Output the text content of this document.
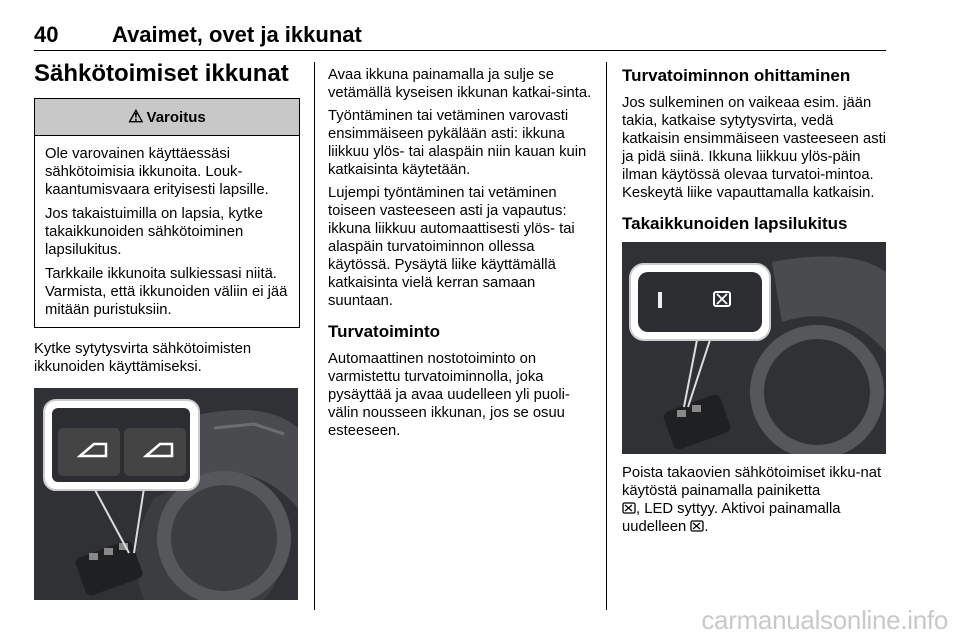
40 Avaimet, ovet ja ikkunat
Sähkötoimiset ikkunat
⚠ Varoitus

Ole varovainen käyttäessäsi sähkötoimisia ikkunoita. Louk-kaantumisvaara erityisesti lapsille.

Jos takaistuimilla on lapsia, kytke takaikkunoiden sähkötoiminen lapsilukitus.

Tarkkaile ikkunoita sulkiessasi niitä. Varmista, että ikkunoiden väliin ei jää mitään puristuksiin.

Kytke sytytysvirta sähkötoimisten ikkunoiden käyttämiseksi.

Avaa ikkuna painamalla ja sulje se vetämällä kyseisen ikkunan katkai-sinta.

Työntäminen tai vetäminen varovasti ensimmäiseen pykälään asti: ikkuna liikkuu ylös- tai alaspäin niin kauan kuin katkaisinta käytetään.

Lujempi työntäminen tai vetäminen toiseen vasteeseen asti ja vapautus: ikkuna liikkuu automaattisesti ylös- tai alaspäin turvatoiminnon ollessa käytössä. Pysäytä liike käyttämällä katkaisinta vielä kerran samaan suuntaan.

Turvatoiminto

Automaattinen nostotoiminto on varmistettu turvatoiminnolla, joka pysäyttää ja avaa uudelleen yli puoli-välin nousseen ikkunan, jos se osuu esteeseen.

Turvatoiminnon ohittaminen

Jos sulkeminen on vaikeaa esim. jään takia, katkaise sytytysvirta, vedä katkaisin ensimmäiseen vasteeseen asti ja pidä siinä. Ikkuna liikkuu ylös-päin ilman käytössä olevaa turvatoi-mintoa. Keskeytä liike vapauttamalla katkaisin.

Takaikkunoiden lapsilukitus

Poista takaovien sähkötoimiset ikku-nat käytöstä painamalla painiketta
, LED syttyy. Aktivoi painamalla uudelleen .

carmanualsonline.info
